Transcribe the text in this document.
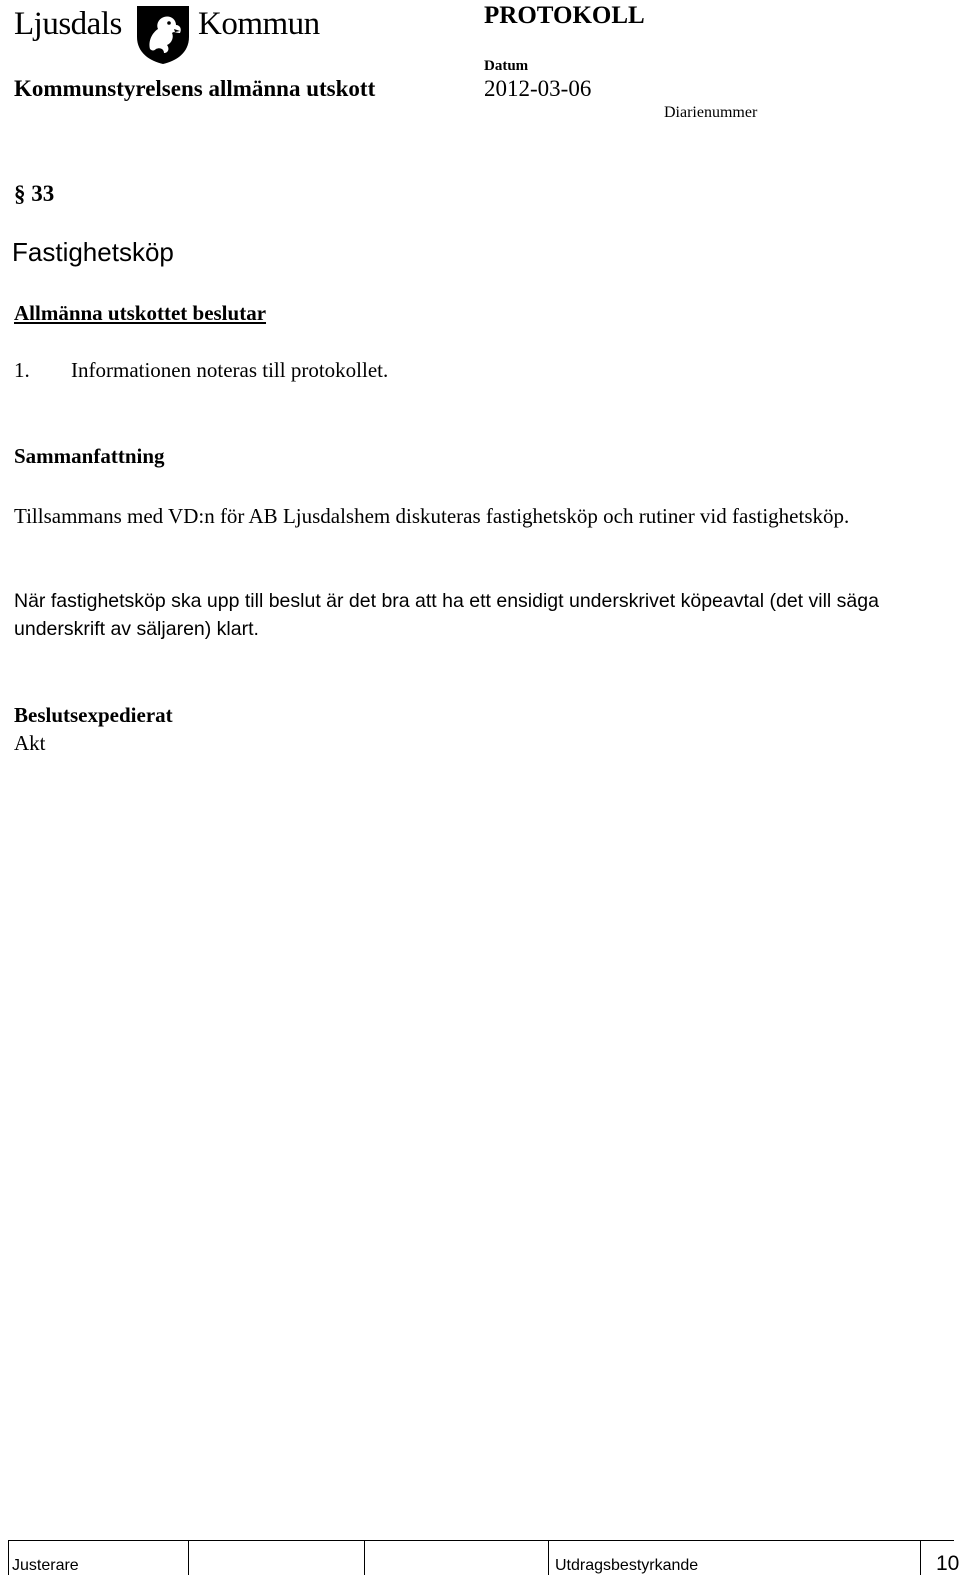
Ljusdals Kommun	PROTOKOLL
Kommunstyrelsens allmänna utskott
Datum
2012-03-06
Diarienummer
§ 33
Fastighetsköp
Allmänna utskottet beslutar
1. Informationen noteras till protokollet.
Sammanfattning
Tillsammans med VD:n för AB Ljusdalshem diskuteras fastighetsköp och rutiner vid fastighetsköp.
När fastighetsköp ska upp till beslut är det bra att ha ett ensidigt underskrivet köpeavtal (det vill säga underskrift av säljaren) klart.
Beslutsexpedierat
Akt
Justerare	Utdragsbestyrkande	10
